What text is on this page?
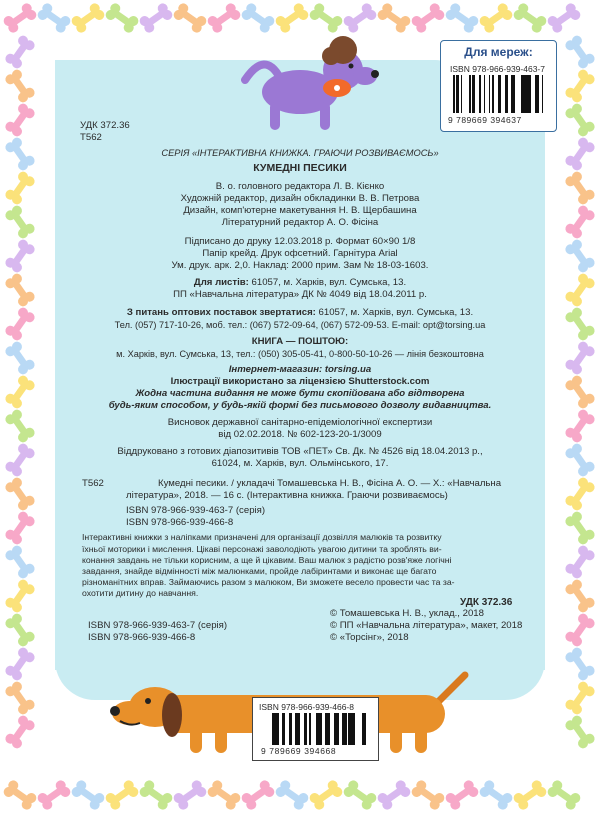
Для мереж:
ISBN 978-966-939-463-7
9 789669 394637
УДК 372.36
Т562
СЕРІЯ «ІНТЕРАКТИВНА КНИЖКА. ГРАЮЧИ РОЗВИВАЄМОСЬ»
КУМЕДНІ ПЕСИКИ
В. о. головного редактора Л. В. Кієнко
Художній редактор, дизайн обкладинки В. В. Петрова
Дизайн, комп'ютерне макетування Н. В. Щербашина
Літературний редактор А. О. Фісіна
Підписано до друку 12.03.2018 р. Формат 60×90 1/8
Папір крейд. Друк офсетний. Гарнітура Arial
Ум. друк. арк. 2,0. Наклад: 2000 прим. Зам № 18-03-1603.
Для листів: 61057, м. Харків, вул. Сумська, 13.
ПП «Навчальна література» ДК № 4049 від 18.04.2011 р.
З питань оптових поставок звертатися: 61057, м. Харків, вул. Сумська, 13.
Тел. (057) 717-10-26, моб. тел.: (067) 572-09-64, (067) 572-09-53. E-mail: opt@torsing.ua
КНИГА — ПОШТОЮ:
м. Харків, вул. Сумська, 13, тел.: (050) 305-05-41, 0-800-50-10-26 — лінія безкоштовна
Інтернет-магазин: torsing.ua
Ілюстрації використано за ліцензією Shutterstock.com
Жодна частина видання не може бути скопійована або відтворена
будь-яким способом, у будь-якій формі без письмового дозволу видавництва.
Висновок державної санітарно-епідеміологічної експертизи
від 02.02.2018. № 602-123-20-1/3009
Віддруковано з готових діапозитивів ТОВ «ПЕТ» Св. Дк. № 4526 від 18.04.2013 р.,
61024, м. Харків, вул. Ольмінського, 17.
Т562	Кумедні песики. / укладачі Томашевська Н. В., Фісіна А. О. — Х.: «Навчальна
література», 2018. — 16 с. (Інтерактивна книжка. Граючи розвиваємось)
ISBN 978-966-939-463-7 (серія)
ISBN 978-966-939-466-8
Інтерактивні книжки з наліпками призначені для організації дозвілля малюків та розвитку
їхньої моторики і мислення. Цікаві персонажі заволодіють увагою дитини та зроблять ви-
конання завдань не тільки корисним, а ще й цікавим. Ваш малюк з радістю розв'яже логічні
завдання, знайде відмінності між малюнками, пройде лабіринтами и виконає ще багато
різноманітних вправ. Займаючись разом з малюком, Ви зможете весело провести час та за-
охотити дитину до навчання.
УДК 372.36
ISBN 978-966-939-463-7 (серія)
ISBN 978-966-939-466-8
© Томашевська Н. В., уклад., 2018
© ПП «Навчальна література», макет, 2018
© «Торсінг», 2018
ISBN 978-966-939-466-8
9 789669 394668
